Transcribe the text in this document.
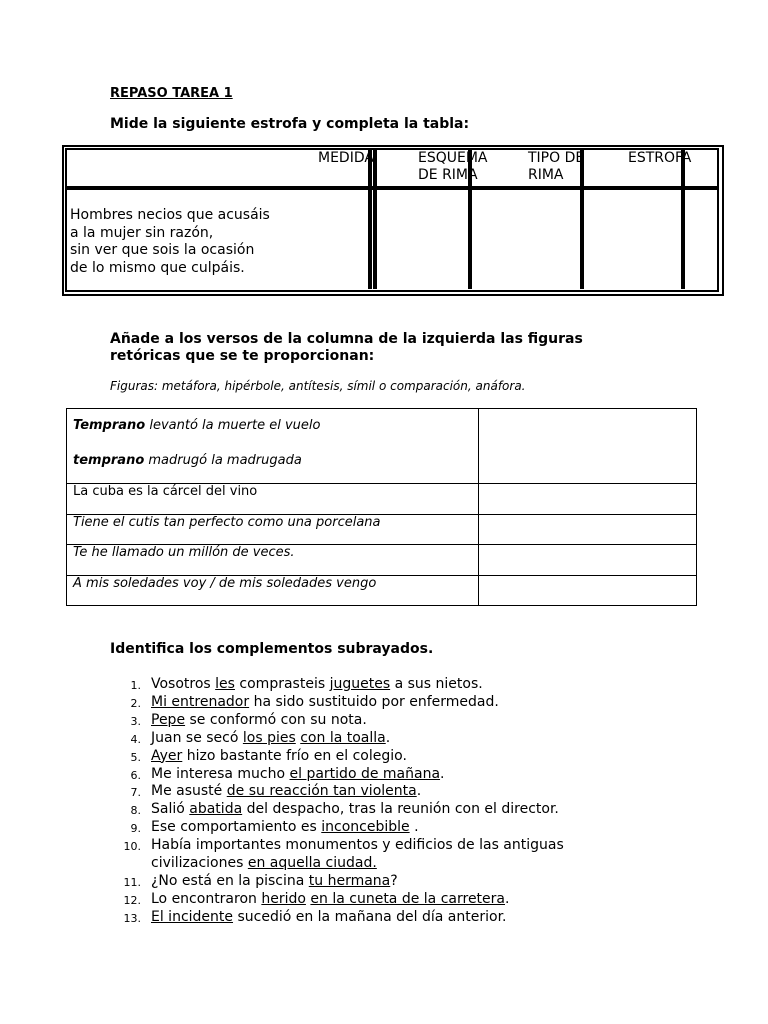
REPASO TAREA 1
Mide la siguiente estrofa y completa la tabla:
MEDIDA	ESQUEMA
DE RIMA
TIPO DE
RIMA
ESTROFA
Hombres necios que acusáis
a la mujer sin razón,
sin ver que sois la ocasión
de lo mismo que culpáis.
Añade a los versos de la columna de la izquierda las figuras
retóricas que se te proporcionan:
Figuras: metáfora, hipérbole, antítesis, símil o comparación, anáfora.
Temprano levantó la muerte el vuelo
temprano madrugó la madrugada
La cuba es la cárcel del vino
Tiene el cutis tan perfecto como una porcelana
Te he llamado un millón de veces.
A mis soledades voy / de mis soledades vengo
Identifica los complementos subrayados.
1. Vosotros les comprasteis juguetes a sus nietos.
2. Mi entrenador ha sido sustituido por enfermedad.
3. Pepe se conformó con su nota.
4. Juan se secó los pies con la toalla.
5. Ayer hizo bastante frío en el colegio.
6. Me interesa mucho el partido de mañana.
7. Me asusté de su reacción tan violenta.
8. Salió abatida del despacho, tras la reunión con el director.
9. Ese comportamiento es inconcebible .
10. Había importantes monumentos y edificios de las antiguas civilizaciones en aquella ciudad.
11. ¿No está en la piscina tu hermana?
12. Lo encontraron herido en la cuneta de la carretera.
13. El incidente sucedió en la mañana del día anterior.
